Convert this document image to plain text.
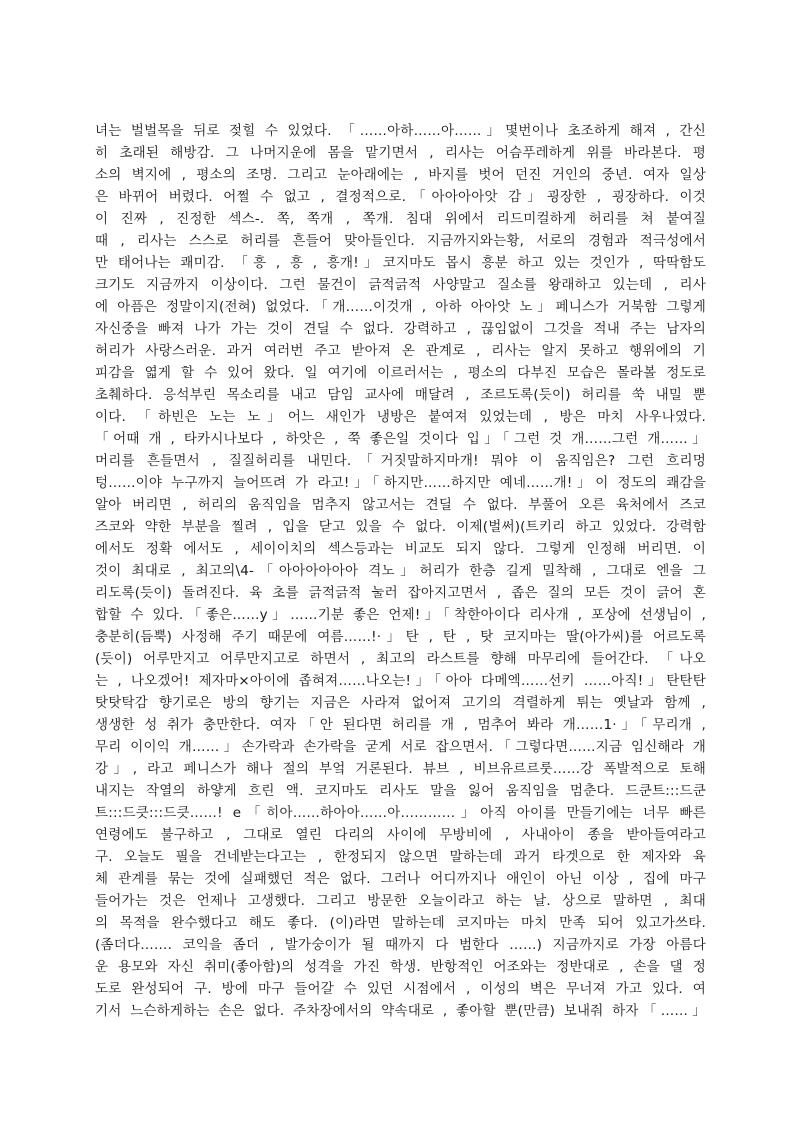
녀는 벌벌목을 뒤로 젖힐 수 있었다. 「……아하……아……」몇번이나 초조하게 해져 , 간신
히 초래된 해방감. 그 나머지운에 몸을 맡기면서 , 리사는 어슴푸레하게 위를 바라본다. 평
소의 벽지에 , 평소의 조명. 그리고 눈아래에는 , 바지를 벗어 던진 거인의 중년. 여자 일상
은 바뀌어 버렸다. 어쩔 수 없고 , 결정적으로.「아아아아앗 감」굉장한 , 굉장하다. 이것
이 진짜 , 진정한 섹스-. 쪽, 쪽개 , 쪽개. 침대 위에서 리드미컬하게 허리를 쳐 붙여질
때 , 리사는 스스로 허리를 흔들어 맞아들인다. 지금까지와는황, 서로의 경험과 적극성에서
만 태어나는 쾌미감. 「흥 , 흥 , 흥개!」코지마도 몹시 흥분 하고 있는 것인가 , 딱딱함도
크기도 지금까지 이상이다. 그런 물건이 긁적긁적 사양말고 질소를 왕래하고 있는데 , 리사
에 아픔은 정말이지(전혀) 없었다.「개……이것개 , 아하 아아앗 노」페니스가 거북함 그렇게
자신중을 빠져 나가 가는 것이 견딜 수 없다. 강력하고 , 끊임없이 그것을 적내 주는 남자의
허리가 사랑스러운. 과거 여러번 주고 받아져 온 관계로 , 리사는 알지 못하고 행위에의 기
피감을 엷게 할 수 있어 왔다. 일 여기에 이르러서는 , 평소의 다부진 모습은 몰라볼 정도로
초췌하다. 응석부린 목소리를 내고 담임 교사에 매달려 , 조르도록(듯이) 허리를 쑥 내밀 뿐
이다. 「하빈은 노는 노」어느 새인가 냉방은 붙여져 있었는데 , 방은 마치 사우나였다.
「어때 개 , 타카시나보다 , 하앗은 , 쭉 좋은일 것이다 입」「그런 것 개……그런 개……」
머리를 흔들면서 , 질질허리를 내민다.「거짓말하지마개! 뭐야 이 움직임은? 그런 흐리멍
텅……이야 누구까지 늘어뜨려 가 라고!」「하지만……하지만 예네……개!」이 정도의 쾌감을
알아 버리면 , 허리의 움직임을 멈추지 않고서는 견딜 수 없다. 부풀어 오른 육처에서 즈코
즈코와 약한 부분을 찔려 , 입을 닫고 있을 수 없다. 이제(벌써)(트키리 하고 있었다. 강력함
에서도 정확 에서도 , 세이이치의 섹스등과는 비교도 되지 않다. 그렇게 인정해 버리면. 이
것이 최대로 , 최고의\4-「아아아아아아 격노」허리가 한층 길게 밀착해 , 그대로 엔을 그
리도록(듯이) 돌려진다. 육 초를 긁적긁적 눌러 잡아지고면서 , 좁은 질의 모든 것이 긁어 혼
합할 수 있다.「좋은……y」……기분 좋은 언제!」「착한아이다 리사개 , 포상에 선생님이 ,
충분히(듬뿍) 사정해 주기 때문에 여름……!·」탄 , 탄 , 탓 코지마는 딸(아가씨)를 어르도록
(듯이) 어루만지고 어루만지고로 하면서 , 최고의 라스트를 향해 마무리에 들어간다. 「나오
는 , 나오겠어! 제자마×아이에 좁혀져……나오는!」「아아 다메엑……선키 ……아직!」탄탄탄
탓탓탁감 향기로은 방의 향기는 지금은 사라져 없어져 고기의 격렬하게 튀는 옛날과 함께 ,
생생한 성 취가 충만한다. 여자「안 된다면 허리를 개 , 멈추어 봐라 개……1·」「무리개 ,
무리 이이익 개……」손가락과 손가락을 굳게 서로 잡으면서.「그렇다면……지금 임신해라 개
강」, 라고 페니스가 해나 절의 부엌 거론된다. 뷰브 , 비브유르르룻……강 폭발적으로 토해
내지는 작열의 하얗게 흐린 액. 코지마도 리사도 말을 잃어 움직임을 멈춘다. 드쿤트:::드쿤
트:::드큿:::드큿……! e「히아……하아아……아…………」아직 아이를 만들기에는 너무 빠른
연령에도 불구하고 , 그대로 열린 다리의 사이에 무방비에 , 사내아이 종을 받아들여라고
구. 오늘도 필을 건네받는다고는 , 한정되지 않으면 말하는데 과거 타겟으로 한 제자와 육
체 관계를 묶는 것에 실패했던 적은 없다. 그러나 어디까지나 애인이 아닌 이상 , 집에 마구
들어가는 것은 언제나 고생했다. 그리고 방문한 오늘이라고 하는 날. 상으로 말하면 , 최대
의 목적을 완수했다고 해도 좋다. (이)라면 말하는데 코지마는 마치 만족 되어 있고가쓰타.
(좀더다……. 코익을 좀더 , 발가숭이가 될 때까지 다 범한다 ……) 지금까지로 가장 아름다
운 용모와 자신 취미(좋아함)의 성격을 가진 학생. 반항적인 어조와는 정반대로 , 손을 댈 정
도로 완성되어 구. 방에 마구 들어갈 수 있던 시점에서 , 이성의 벽은 무너져 가고 있다. 여
기서 느슨하게하는 손은 없다. 주차장에서의 약속대로 , 좋아할 뿐(만큼) 보내줘 하자「……」
